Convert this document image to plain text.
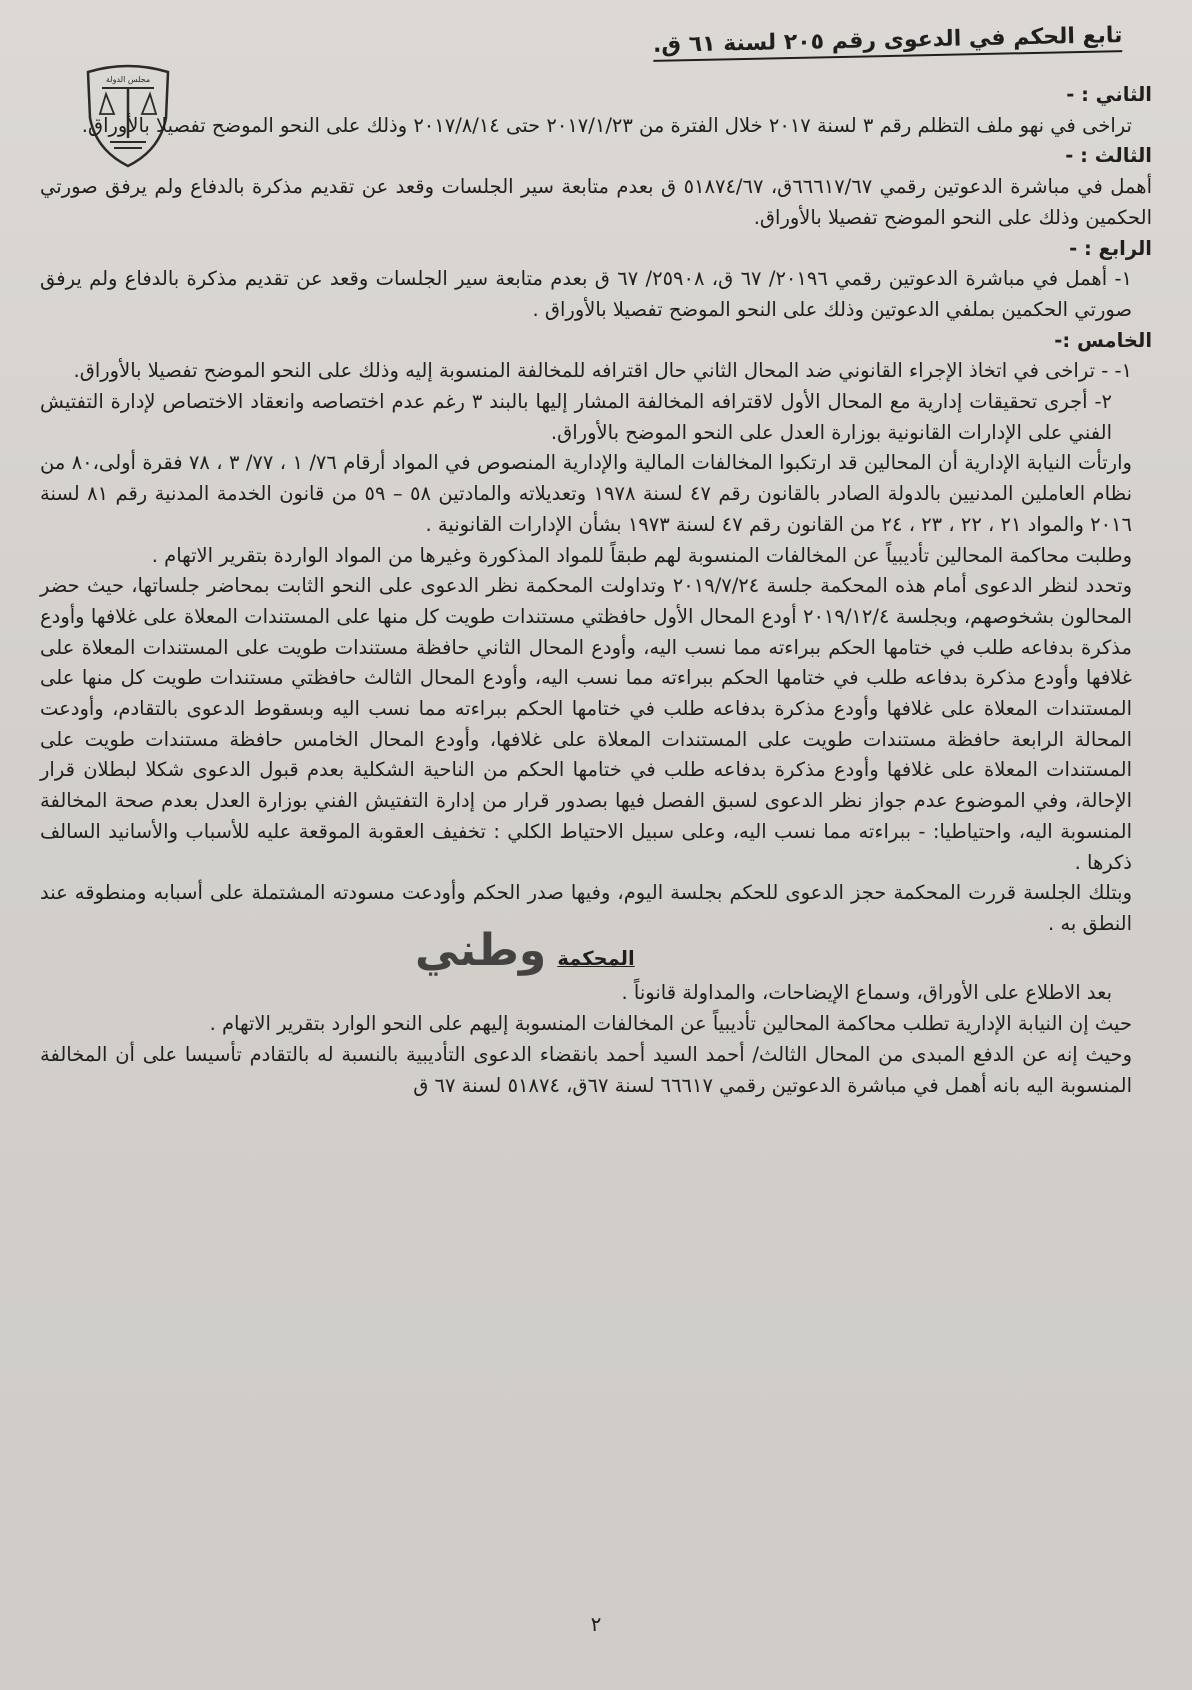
مجلس الدولة
تابع الحكم في الدعوى رقم ٢٠٥ لسنة ٦١ ق.

الثاني : -

تراخى في نهو ملف التظلم رقم ٣ لسنة ٢٠١٧ خلال الفترة من ٢٠١٧/١/٢٣ حتى ٢٠١٧/٨/١٤ وذلك على النحو الموضح تفصيلا بالأوراق.

الثالث : -

أهمل في مباشرة الدعوتين رقمي ٦٦٦١٧/٦٧ق، ٥١٨٧٤/٦٧ ق بعدم متابعة سير الجلسات وقعد عن تقديم مذكرة بالدفاع ولم يرفق صورتي الحكمين وذلك على النحو الموضح تفصيلا بالأوراق.

الرابع : -

١- أهمل في مباشرة الدعوتين رقمي ٢٠١٩٦/ ٦٧ ق، ٢٥٩٠٨/ ٦٧ ق بعدم متابعة سير الجلسات وقعد عن تقديم مذكرة بالدفاع ولم يرفق صورتي الحكمين بملفي الدعوتين وذلك على النحو الموضح تفصيلا بالأوراق .

الخامس :-

١- - تراخى في اتخاذ الإجراء القانوني ضد المحال الثاني حال اقترافه للمخالفة المنسوبة إليه وذلك على النحو الموضح تفصيلا بالأوراق.

٢- أجرى تحقيقات إدارية مع المحال الأول لاقترافه المخالفة المشار إليها بالبند ٣ رغم عدم اختصاصه وانعقاد الاختصاص لإدارة التفتيش الفني على الإدارات القانونية بوزارة العدل على النحو الموضح بالأوراق.

وارتأت النيابة الإدارية أن المحالين قد ارتكبوا المخالفات المالية والإدارية المنصوص في المواد أرقام ٧٦/ ١ ، ٧٧/ ٣ ، ٧٨ فقرة أولى،٨٠ من نظام العاملين المدنيين بالدولة الصادر بالقانون رقم ٤٧ لسنة ١٩٧٨ وتعديلاته والمادتين ٥٨ – ٥٩ من قانون الخدمة المدنية رقم ٨١ لسنة ٢٠١٦ والمواد ٢١ ، ٢٢ ، ٢٣ ، ٢٤ من القانون رقم ٤٧ لسنة ١٩٧٣ بشأن الإدارات القانونية .

وطلبت محاكمة المحالين تأديبياً عن المخالفات المنسوبة لهم طبقاً للمواد المذكورة وغيرها من المواد الواردة بتقرير الاتهام .

وتحدد لنظر الدعوى أمام هذه المحكمة جلسة ٢٠١٩/٧/٢٤ وتداولت المحكمة نظر الدعوى على النحو الثابت بمحاضر جلساتها، حيث حضر المحالون بشخوصهم، وبجلسة ٢٠١٩/١٢/٤ أودع المحال الأول حافظتي مستندات طويت كل منها على المستندات المعلاة على غلافها وأودع مذكرة بدفاعه طلب في ختامها الحكم ببراءته مما نسب اليه، وأودع المحال الثاني حافظة مستندات طويت على المستندات المعلاة على غلافها وأودع مذكرة بدفاعه طلب في ختامها الحكم ببراءته مما نسب اليه، وأودع المحال الثالث حافظتي مستندات طويت كل منها على المستندات المعلاة على غلافها وأودع مذكرة بدفاعه طلب في ختامها الحكم ببراءته مما نسب اليه وبسقوط الدعوى بالتقادم، وأودعت المحالة الرابعة حافظة مستندات طويت على المستندات المعلاة على غلافها، وأودع المحال الخامس حافظة مستندات طويت على المستندات المعلاة على غلافها وأودع مذكرة بدفاعه طلب في ختامها الحكم من الناحية الشكلية بعدم قبول الدعوى شكلا لبطلان قرار الإحالة، وفي الموضوع عدم جواز نظر الدعوى لسبق الفصل فيها بصدور قرار من إدارة التفتيش الفني بوزارة العدل بعدم صحة المخالفة المنسوبة اليه، واحتياطيا: - ببراءته مما نسب اليه، وعلى سبيل الاحتياط الكلي : تخفيف العقوبة الموقعة عليه للأسباب والأسانيد السالف ذكرها .

وبتلك الجلسة قررت المحكمة حجز الدعوى للحكم بجلسة اليوم، وفيها صدر الحكم وأودعت مسودته المشتملة على أسبابه ومنطوقه عند النطق به .

المحكمة

بعد الاطلاع على الأوراق، وسماع الإيضاحات، والمداولة قانوناً .

حيث إن النيابة الإدارية تطلب محاكمة المحالين تأديبياً عن المخالفات المنسوبة إليهم على النحو الوارد بتقرير الاتهام .

وحيث إنه عن الدفع المبدى من المحال الثالث/ أحمد السيد أحمد بانقضاء الدعوى التأديبية بالنسبة له بالتقادم تأسيسا على أن المخالفة المنسوبة اليه بانه أهمل في مباشرة الدعوتين رقمي ٦٦٦١٧ لسنة ٦٧ق، ٥١٨٧٤ لسنة ٦٧ ق

وطني
٢
